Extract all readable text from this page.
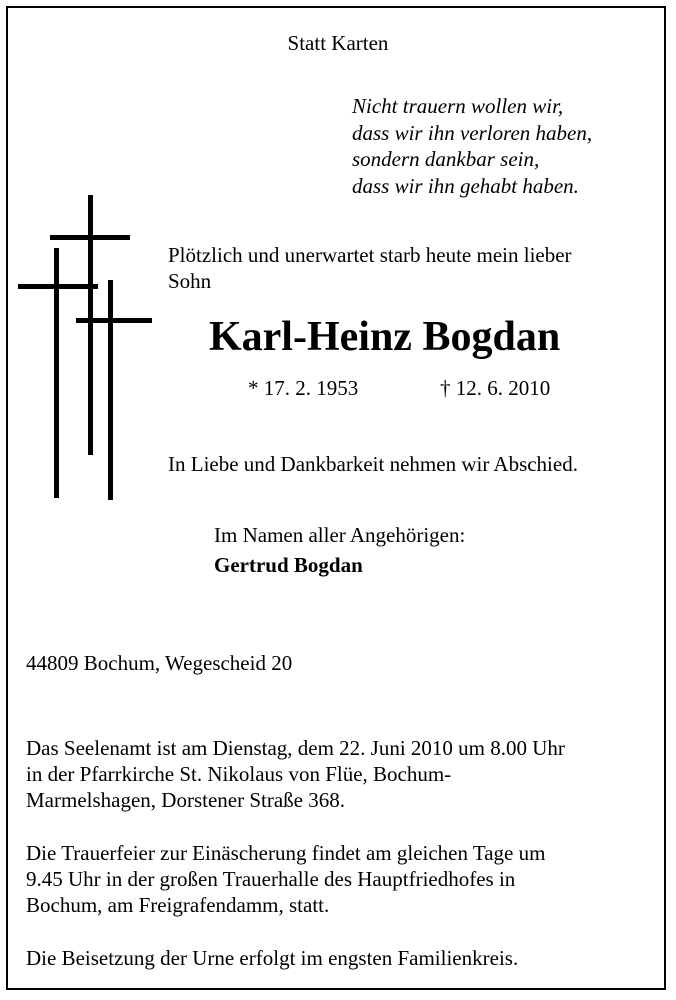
Statt Karten
Nicht trauern wollen wir,
dass wir ihn verloren haben,
sondern dankbar sein,
dass wir ihn gehabt haben.
Plötzlich und unerwartet starb heute mein lieber
Sohn
Karl-Heinz Bogdan
* 17. 2. 1953	† 12. 6. 2010
In Liebe und Dankbarkeit nehmen wir Abschied.
Im Namen aller Angehörigen:
Gertrud Bogdan
44809 Bochum, Wegescheid 20
Das Seelenamt ist am Dienstag, dem 22. Juni 2010 um 8.00 Uhr
in der Pfarrkirche St. Nikolaus von Flüe, Bochum-
Marmelshagen, Dorstener Straße 368.
Die Trauerfeier zur Einäscherung findet am gleichen Tage um
9.45 Uhr in der großen Trauerhalle des Hauptfriedhofes in
Bochum, am Freigrafendamm, statt.
Die Beisetzung der Urne erfolgt im engsten Familienkreis.
